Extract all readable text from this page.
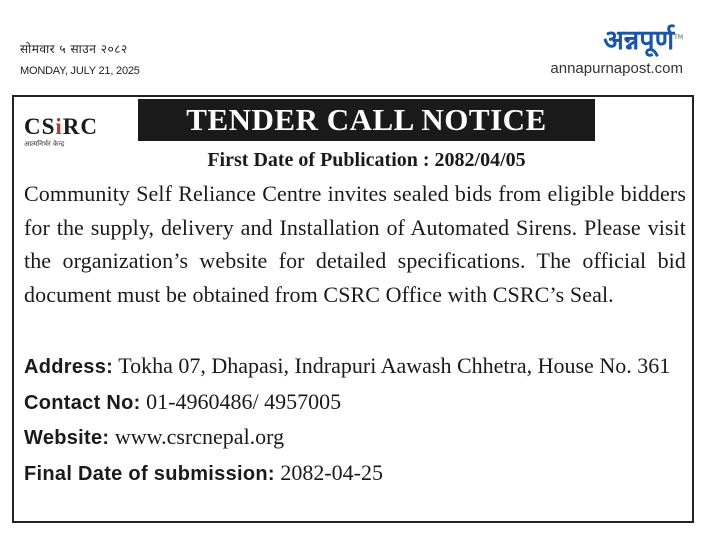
सोमवार ५ साउन २०८२
MONDAY, JULY 21, 2025
अन्नपूर्ण™
annapurnapost.com
CSiRC
आत्मनिर्भर केन्द्र
TENDER CALL NOTICE
First Date of Publication : 2082/04/05
Community Self Reliance Centre invites sealed bids from eligible bidders for the supply, delivery and Installation of Automated Sirens. Please visit the organization’s website for detailed specifications. The official bid document must be obtained from CSRC Office with CSRC’s Seal.
Address: Tokha 07, Dhapasi, Indrapuri Aawash Chhetra, House No. 361
Contact No: 01-4960486/ 4957005
Website: www.csrcnepal.org
Final Date of submission: 2082-04-25
